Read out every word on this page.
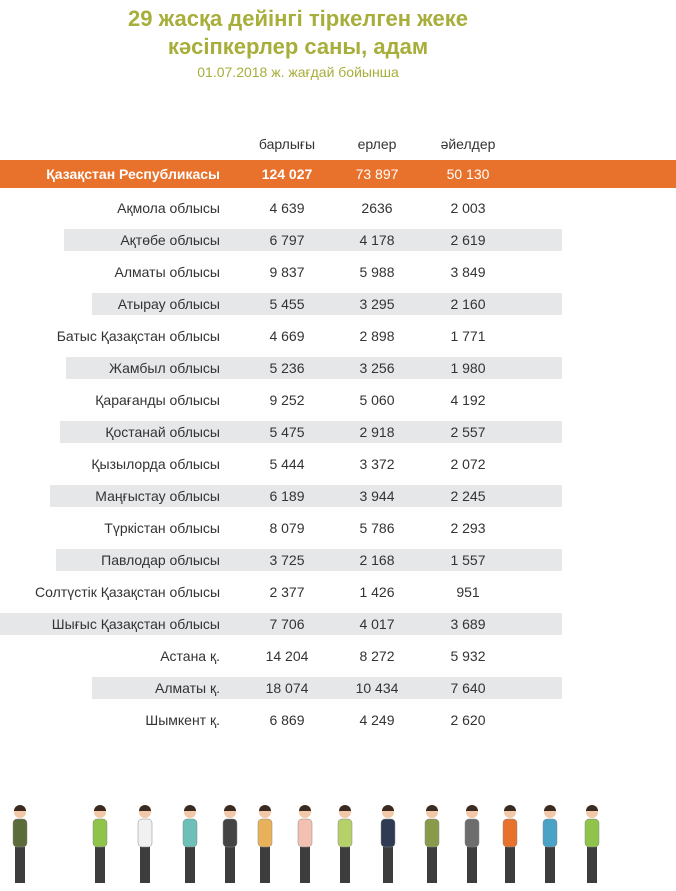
29 жасқа дейінгі тіркелген жеке
кәсіпкерлер саны, адам
01.07.2018 ж. жағдай бойынша
барлығы	ерлер	әйелдер
Қазақстан Республикасы	124 027	73 897	50 130
Ақмола облысы	4 639	2636	2 003
Ақтөбе облысы	6 797	4 178	2 619
Алматы облысы	9 837	5 988	3 849
Атырау облысы	5 455	3 295	2 160
Батыс Қазақстан облысы	4 669	2 898	1 771
Жамбыл облысы	5 236	3 256	1 980
Қарағанды облысы	9 252	5 060	4 192
Қостанай облысы	5 475	2 918	2 557
Қызылорда облысы	5 444	3 372	2 072
Маңғыстау облысы	6 189	3 944	2 245
Түркістан облысы	8 079	5 786	2 293
Павлодар облысы	3 725	2 168	1 557
Солтүстік Қазақстан облысы	2 377	1 426	951
Шығыс Қазақстан облысы	7 706	4 017	3 689
Астана қ.	14 204	8 272	5 932
Алматы қ.	18 074	10 434	7 640
Шымкент қ.	6 869	4 249	2 620
